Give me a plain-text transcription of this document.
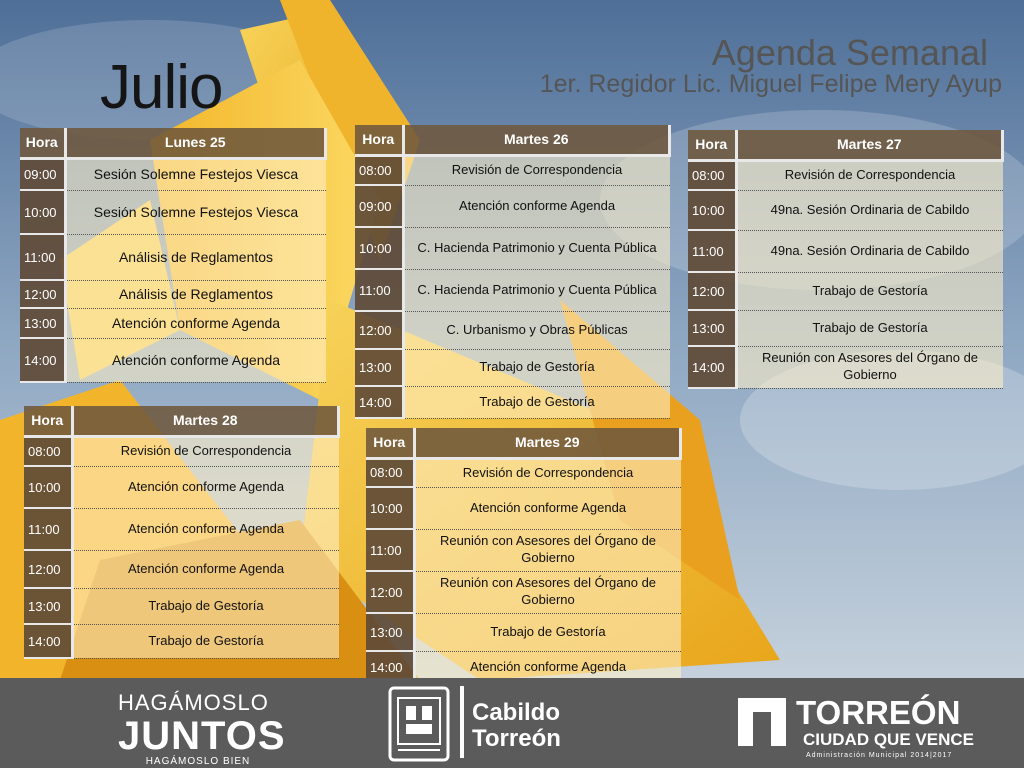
Julio
Agenda Semanal
1er. Regidor Lic. Miguel Felipe Mery Ayup
Hora	Lunes 25
09:00	Sesión Solemne Festejos Viesca
10:00	Sesión Solemne Festejos Viesca
11:00	Análisis de Reglamentos
12:00	Análisis de Reglamentos
13:00	Atención conforme Agenda
14:00	Atención conforme Agenda
Hora	Martes 26
08:00	Revisión de Correspondencia
09:00	Atención conforme Agenda
10:00	C. Hacienda Patrimonio y Cuenta Pública
11:00	C. Hacienda Patrimonio y Cuenta Pública
12:00	C. Urbanismo y Obras Públicas
13:00	Trabajo de Gestoría
14:00	Trabajo de Gestoría
Hora	Martes 27
08:00	Revisión de Correspondencia
10:00	49na. Sesión Ordinaria de Cabildo
11:00	49na. Sesión Ordinaria de Cabildo
12:00	Trabajo de Gestoría
13:00	Trabajo de Gestoría
14:00	Reunión con Asesores del Órgano de Gobierno
Hora	Martes 28
08:00	Revisión de Correspondencia
10:00	Atención conforme Agenda
11:00	Atención conforme Agenda
12:00	Atención conforme Agenda
13:00	Trabajo de Gestoría
14:00	Trabajo de Gestoría
Hora	Martes 29
08:00	Revisión de Correspondencia
10:00	Atención conforme Agenda
11:00	Reunión con Asesores del Órgano de Gobierno
12:00	Reunión con Asesores del Órgano de Gobierno
13:00	Trabajo de Gestoría
14:00	Atención conforme Agenda
HAGÁMOSLO
JUNTOS
HAGÁMOSLO BIEN
Cabildo
Torreón
TORREÓN
CIUDAD QUE VENCE
Administración Municipal 2014|2017
